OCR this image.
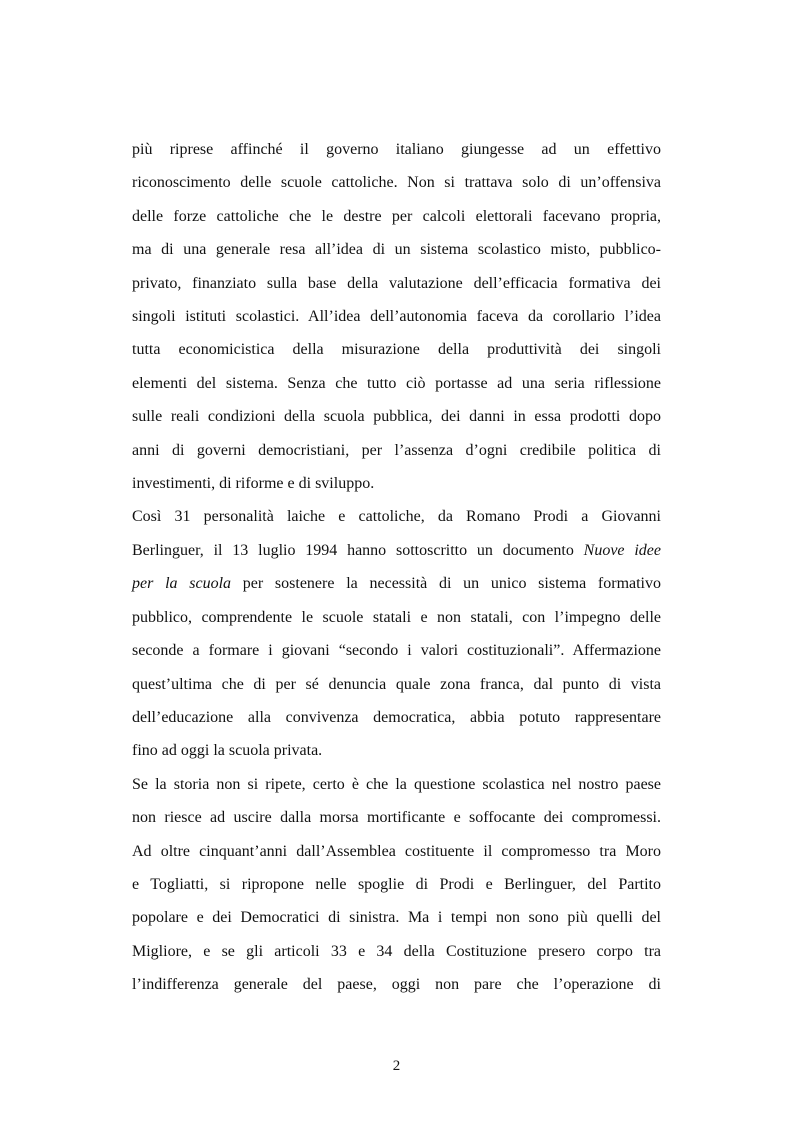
più riprese affinché il governo italiano giungesse ad un effettivo
riconoscimento delle scuole cattoliche. Non si trattava solo di un’offensiva
delle forze cattoliche che le destre per calcoli elettorali facevano propria,
ma di una generale resa all’idea di un sistema scolastico misto, pubblico-
privato, finanziato sulla base della valutazione dell’efficacia formativa dei
singoli istituti scolastici. All’idea dell’autonomia faceva da corollario l’idea
tutta economicistica della misurazione della produttività dei singoli
elementi del sistema. Senza che tutto ciò portasse ad una seria riflessione
sulle reali condizioni della scuola pubblica, dei danni in essa prodotti dopo
anni di governi democristiani, per l’assenza d’ogni credibile politica di
investimenti, di riforme e di sviluppo.

Così 31 personalità laiche e cattoliche, da Romano Prodi a Giovanni
Berlinguer, il 13 luglio 1994 hanno sottoscritto un documento Nuove idee
per la scuola per sostenere la necessità di un unico sistema formativo
pubblico, comprendente le scuole statali e non statali, con l’impegno delle
seconde a formare i giovani “secondo i valori costituzionali”. Affermazione
quest’ultima che di per sé denuncia quale zona franca, dal punto di vista
dell’educazione alla convivenza democratica, abbia potuto rappresentare
fino ad oggi la scuola privata.

Se la storia non si ripete, certo è che la questione scolastica nel nostro paese
non riesce ad uscire dalla morsa mortificante e soffocante dei compromessi.
Ad oltre cinquant’anni dall’Assemblea costituente il compromesso tra Moro
e Togliatti, si ripropone nelle spoglie di Prodi e Berlinguer, del Partito
popolare e dei Democratici di sinistra. Ma i tempi non sono più quelli del
Migliore, e se gli articoli 33 e 34 della Costituzione presero corpo tra
l’indifferenza generale del paese, oggi non pare che l’operazione di

2
